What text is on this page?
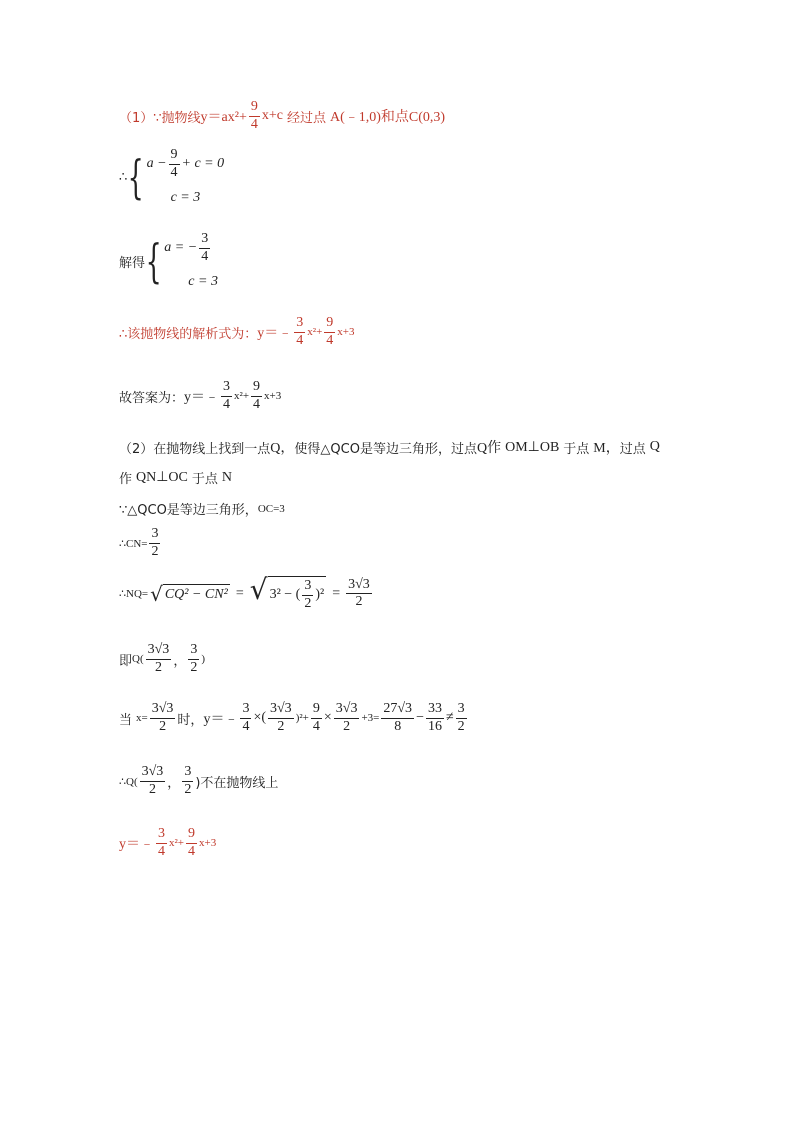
（1）∵抛物线 $y=ax^2+ \frac{9}{4} x+c$ 经过点 A(﹣1,0)和点C(0,3)
∴ { $a - \frac{9}{4} + c = 0$
c = 3
解得 { a = − $\frac{3}{4}$
c = 3
∴该抛物线的解析式为： y＝﹣ $\frac{3}{4} x^2+ \frac{9}{4} x+3$
故答案为： y＝﹣ $\frac{3}{4} x^2+ \frac{9}{4} x+3$
（2）在抛物线上找到一点 Q， 使得△QCO是等边三角形，过点 Q作 OM⊥OB 于点 M， 过点 Q
作 QN⊥OC 于点 N
∵△QCO是等边三角形， OC=3
∴CN= $\frac{3}{2}$
∴NQ= √ CQ² − CN² = √ 3² − ( $\frac{3}{2} )^2 = \frac{3√3}{2}$
即 $Q( \frac{3√3}{2}$ ， $\frac{3}{2}$ )
当 $x= \frac{3√3}{2}$ 时， y＝﹣ $\frac{3}{4}$ ×( $\frac{3√3}{2} )^2+ \frac{9}{4} \times \frac{3√3}{2} +3= \frac{27√3}{8} - \frac{33}{16} \ne \frac{3}{2}$
∴Q( $\frac{3√3}{2}$ ， $\frac{3}{2}$ )不在抛物线上
y＝﹣ $\frac{3}{4} x^2+ \frac{9}{4} x+3$
